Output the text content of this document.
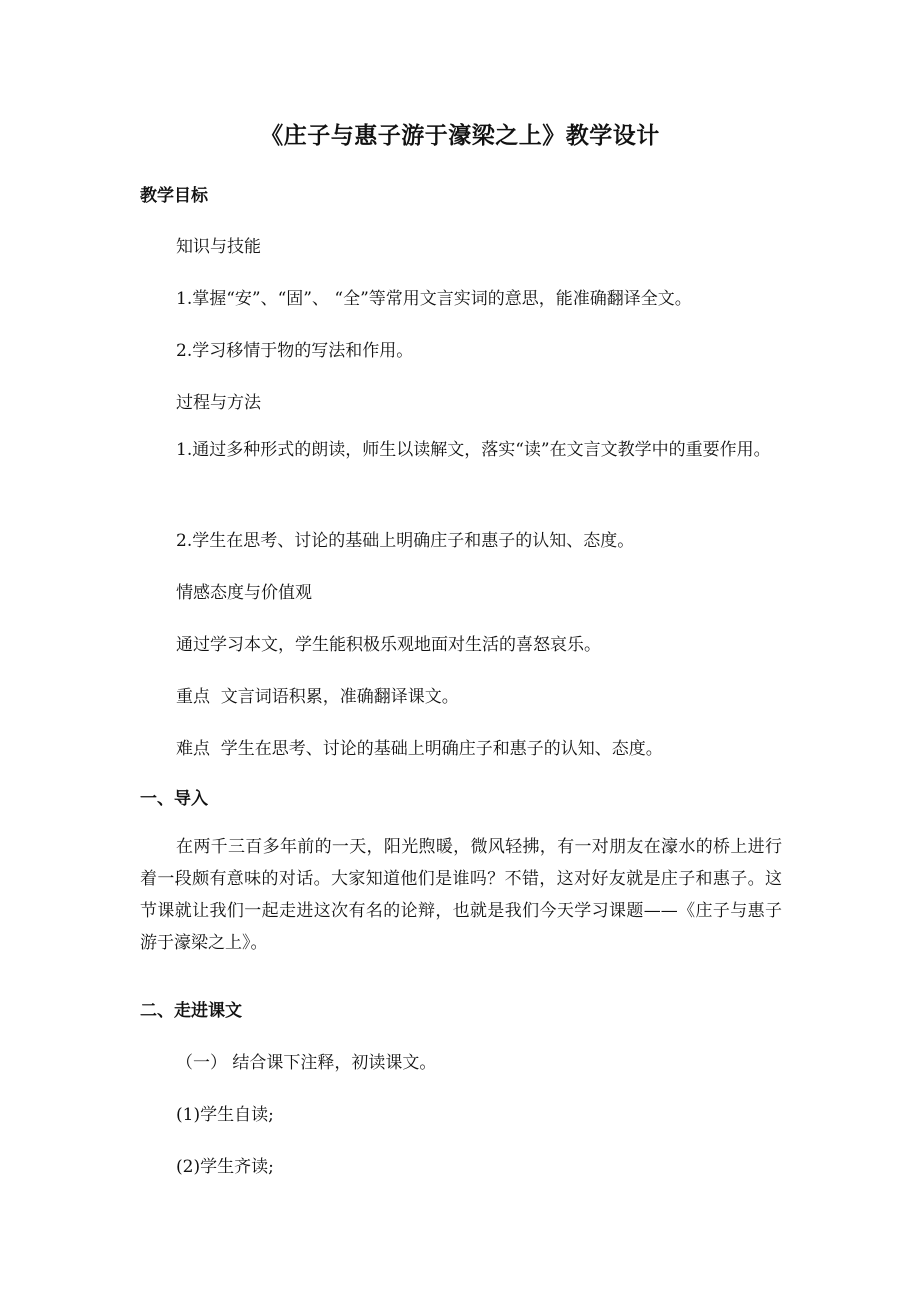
《庄子与惠子游于濠梁之上》教学设计
教学目标
知识与技能
1.掌握“安”、“固”、 “全”等常用文言实词的意思，能准确翻译全文。
2.学习移情于物的写法和作用。
过程与方法
1.通过多种形式的朗读，师生以读解文，落实“读”在文言文教学中的重要作用。
2.学生在思考、讨论的基础上明确庄子和惠子的认知、态度。
情感态度与价值观
通过学习本文，学生能积极乐观地面对生活的喜怒哀乐。
重点  文言词语积累，准确翻译课文。
难点  学生在思考、讨论的基础上明确庄子和惠子的认知、态度。
一、导入
在两千三百多年前的一天，阳光煦暖，微风轻拂，有一对朋友在濠水的桥上进行着一段颇有意味的对话。大家知道他们是谁吗？不错，这对好友就是庄子和惠子。这节课就让我们一起走进这次有名的论辩，也就是我们今天学习课题——《庄子与惠子游于濠梁之上》。
二、走进课文
（一） 结合课下注释，初读课文。
(1)学生自读;
(2)学生齐读;
